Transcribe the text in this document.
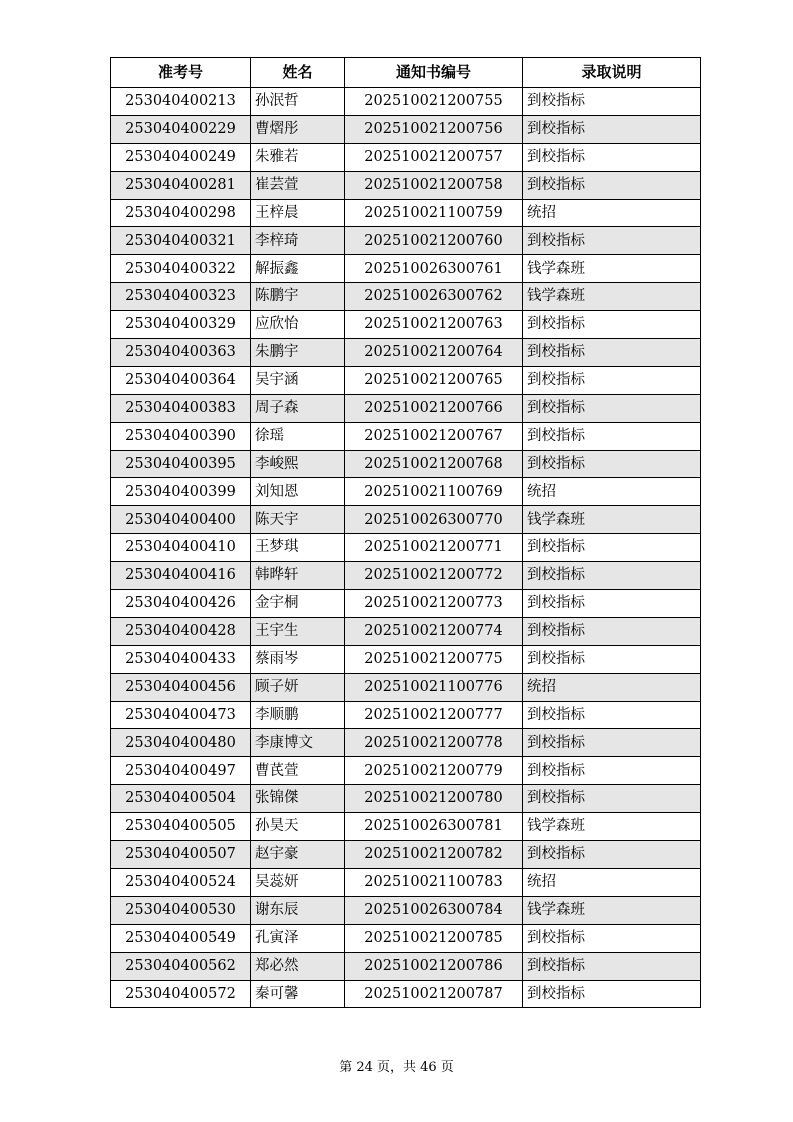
准考号	姓名	通知书编号	录取说明
253040400213	孙泯哲	202510021200755	到校指标
253040400229	曹熠彤	202510021200756	到校指标
253040400249	朱雅若	202510021200757	到校指标
253040400281	崔芸萱	202510021200758	到校指标
253040400298	王梓晨	202510021100759	统招
253040400321	李梓琦	202510021200760	到校指标
253040400322	解振鑫	202510026300761	钱学森班
253040400323	陈鹏宇	202510026300762	钱学森班
253040400329	应欣怡	202510021200763	到校指标
253040400363	朱鹏宇	202510021200764	到校指标
253040400364	吴宇涵	202510021200765	到校指标
253040400383	周子森	202510021200766	到校指标
253040400390	徐瑶	202510021200767	到校指标
253040400395	李峻熙	202510021200768	到校指标
253040400399	刘知恩	202510021100769	统招
253040400400	陈天宇	202510026300770	钱学森班
253040400410	王梦琪	202510021200771	到校指标
253040400416	韩晔轩	202510021200772	到校指标
253040400426	金宇桐	202510021200773	到校指标
253040400428	王宇生	202510021200774	到校指标
253040400433	蔡雨岑	202510021200775	到校指标
253040400456	顾子妍	202510021100776	统招
253040400473	李顺鹏	202510021200777	到校指标
253040400480	李康博文	202510021200778	到校指标
253040400497	曹芪萱	202510021200779	到校指标
253040400504	张锦傑	202510021200780	到校指标
253040400505	孙昊天	202510026300781	钱学森班
253040400507	赵宇豪	202510021200782	到校指标
253040400524	吴蕊妍	202510021100783	统招
253040400530	谢东辰	202510026300784	钱学森班
253040400549	孔寅泽	202510021200785	到校指标
253040400562	郑必然	202510021200786	到校指标
253040400572	秦可馨	202510021200787	到校指标
第 24 页，共 46 页
